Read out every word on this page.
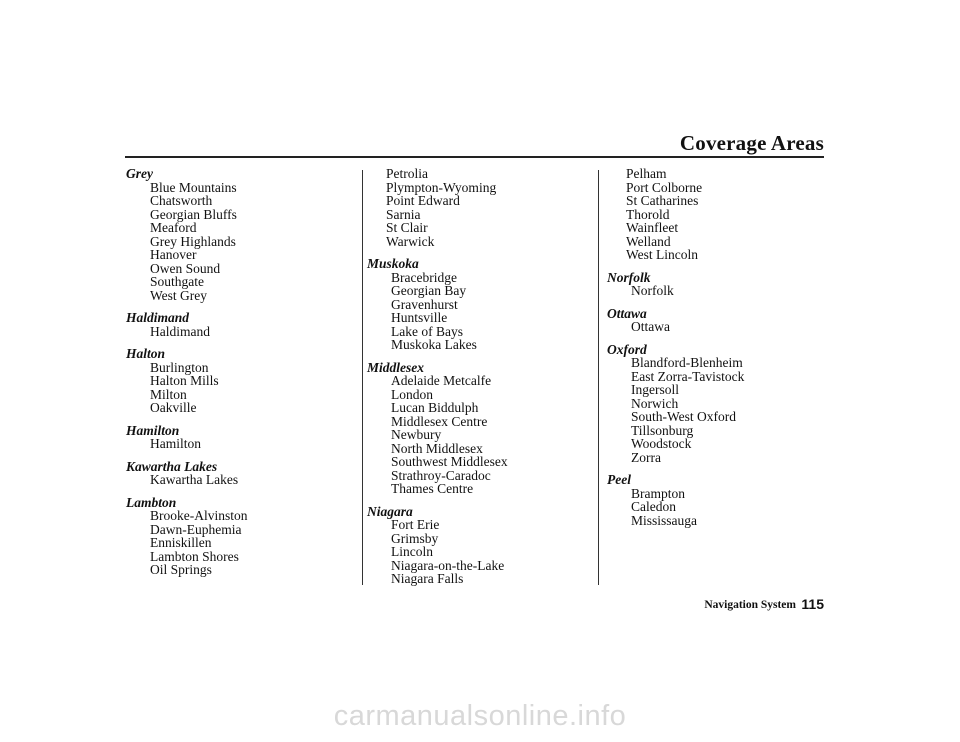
Coverage Areas
Grey
Blue Mountains
Chatsworth
Georgian Bluffs
Meaford
Grey Highlands
Hanover
Owen Sound
Southgate
West Grey
Haldimand
Haldimand
Halton
Burlington
Halton Mills
Milton
Oakville
Hamilton
Hamilton
Kawartha Lakes
Kawartha Lakes
Lambton
Brooke-Alvinston
Dawn-Euphemia
Enniskillen
Lambton Shores
Oil Springs
Petrolia
Plympton-Wyoming
Point Edward
Sarnia
St Clair
Warwick
Muskoka
Bracebridge
Georgian Bay
Gravenhurst
Huntsville
Lake of Bays
Muskoka Lakes
Middlesex
Adelaide Metcalfe
London
Lucan Biddulph
Middlesex Centre
Newbury
North Middlesex
Southwest Middlesex
Strathroy-Caradoc
Thames Centre
Niagara
Fort Erie
Grimsby
Lincoln
Niagara-on-the-Lake
Niagara Falls
Pelham
Port Colborne
St Catharines
Thorold
Wainfleet
Welland
West Lincoln
Norfolk
Norfolk
Ottawa
Ottawa
Oxford
Blandford-Blenheim
East Zorra-Tavistock
Ingersoll
Norwich
South-West Oxford
Tillsonburg
Woodstock
Zorra
Peel
Brampton
Caledon
Mississauga
Navigation System 115
carmanualsonline.info
